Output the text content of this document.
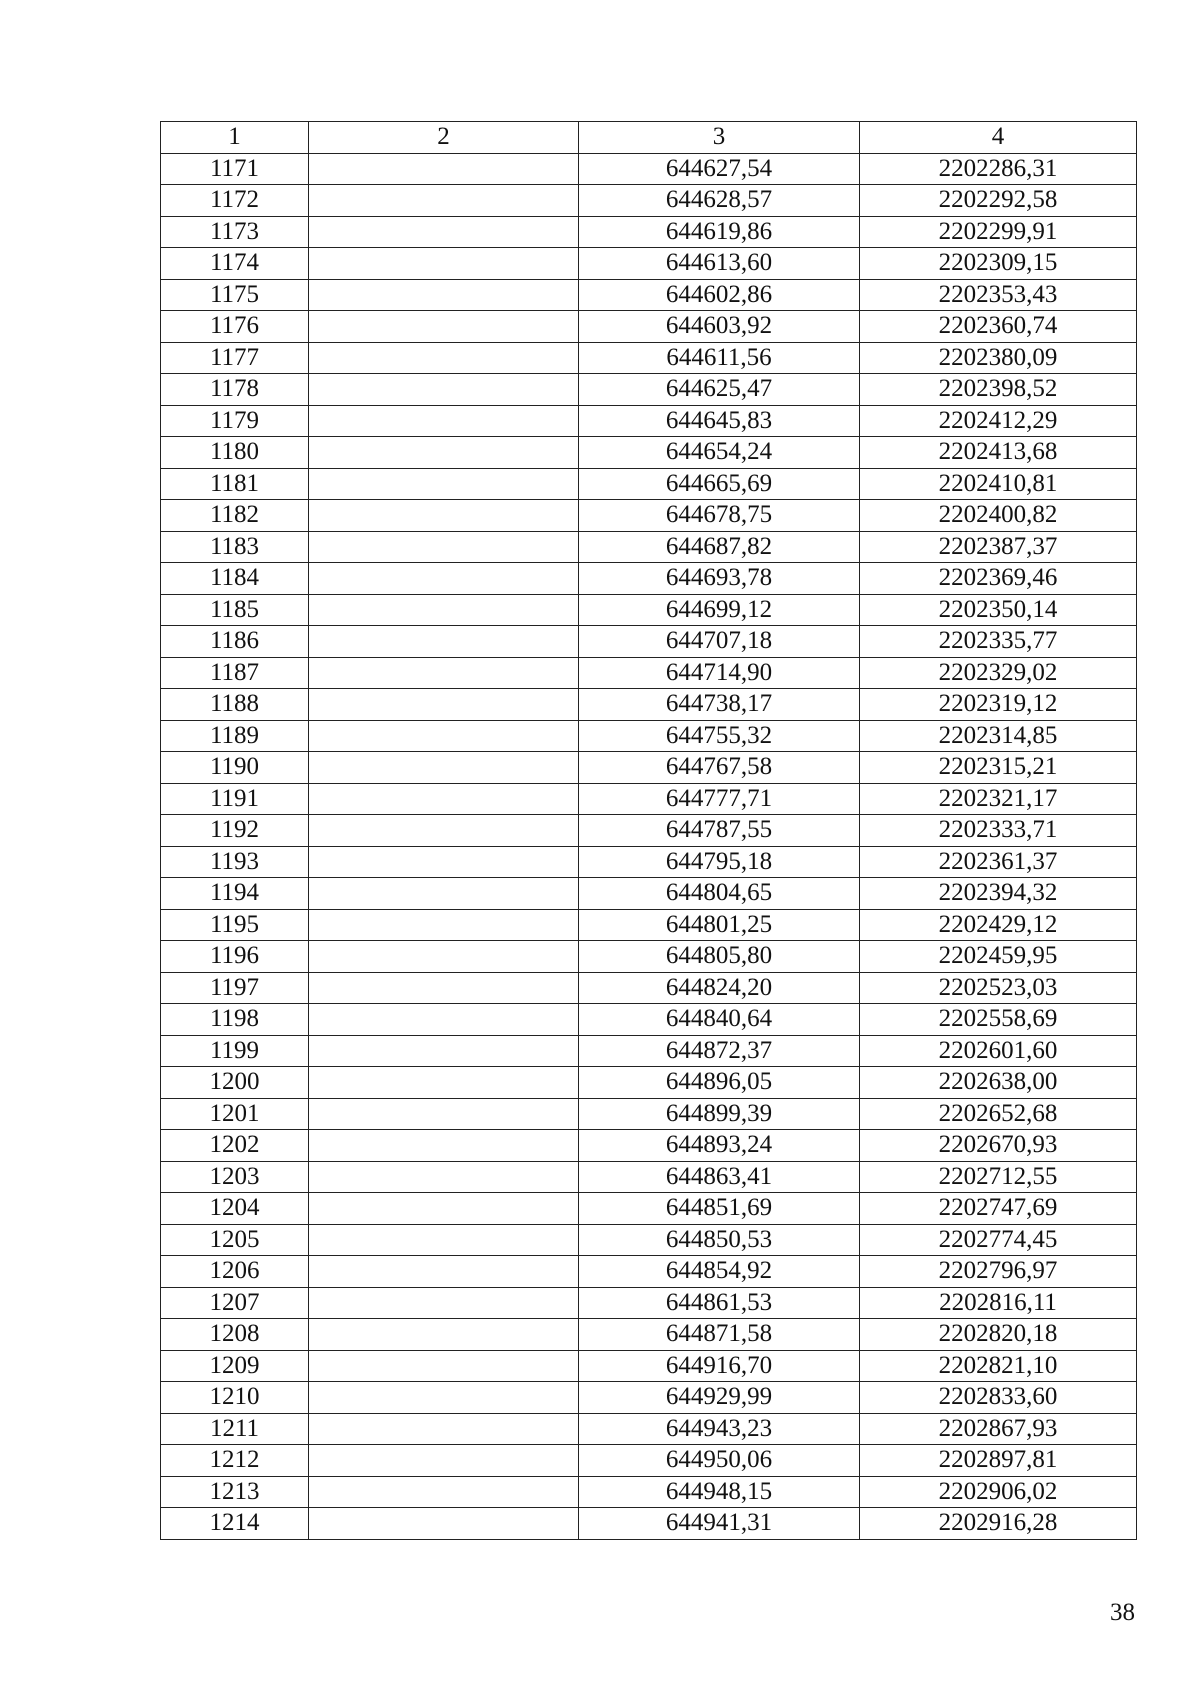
1	2	3	4
1171		644627,54	2202286,31
1172		644628,57	2202292,58
1173		644619,86	2202299,91
1174		644613,60	2202309,15
1175		644602,86	2202353,43
1176		644603,92	2202360,74
1177		644611,56	2202380,09
1178		644625,47	2202398,52
1179		644645,83	2202412,29
1180		644654,24	2202413,68
1181		644665,69	2202410,81
1182		644678,75	2202400,82
1183		644687,82	2202387,37
1184		644693,78	2202369,46
1185		644699,12	2202350,14
1186		644707,18	2202335,77
1187		644714,90	2202329,02
1188		644738,17	2202319,12
1189		644755,32	2202314,85
1190		644767,58	2202315,21
1191		644777,71	2202321,17
1192		644787,55	2202333,71
1193		644795,18	2202361,37
1194		644804,65	2202394,32
1195		644801,25	2202429,12
1196		644805,80	2202459,95
1197		644824,20	2202523,03
1198		644840,64	2202558,69
1199		644872,37	2202601,60
1200		644896,05	2202638,00
1201		644899,39	2202652,68
1202		644893,24	2202670,93
1203		644863,41	2202712,55
1204		644851,69	2202747,69
1205		644850,53	2202774,45
1206		644854,92	2202796,97
1207		644861,53	2202816,11
1208		644871,58	2202820,18
1209		644916,70	2202821,10
1210		644929,99	2202833,60
1211		644943,23	2202867,93
1212		644950,06	2202897,81
1213		644948,15	2202906,02
1214		644941,31	2202916,28
38
